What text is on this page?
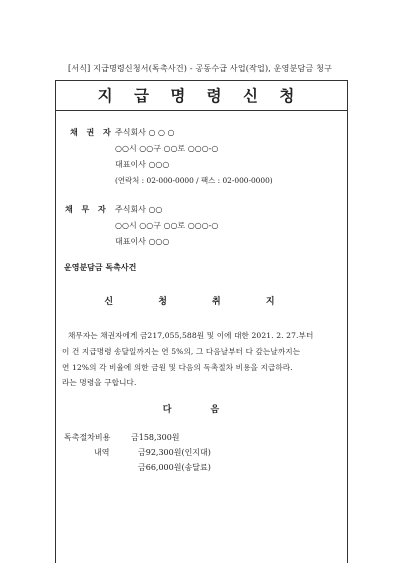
[서식] 지급명령신청서(독촉사건) - 공동수급 사업(작업), 운영분담금 청구
지 급 명 령 신 청
채 권 자 주식회사 ○ ○ ○
○○시 ○○구 ○○로 ○○○-○
대표이사 ○○○
(연락처 : 02-000-0000 / 팩스 : 02-000-0000)
채 무 자 주식회사 ○○
○○시 ○○구 ○○로 ○○○-○
대표이사 ○○○
운영분담금 독촉사건
신 청 취 지

채무자는 채권자에게 금217,055,588원 및 이에 대한 2021. 2. 27.부터

이 건 지급명령 송달일까지는 연 5%의, 그 다음날부터 다 갚는날까지는

연 12%의 각 비율에 의한 금원 및 다음의 독촉절차 비용을 지급하라.

라는 명령을 구합니다.

다 음
독촉절차비용	금158,300원
내역	금92,300원(인지대)
금66,000원(송달료)
